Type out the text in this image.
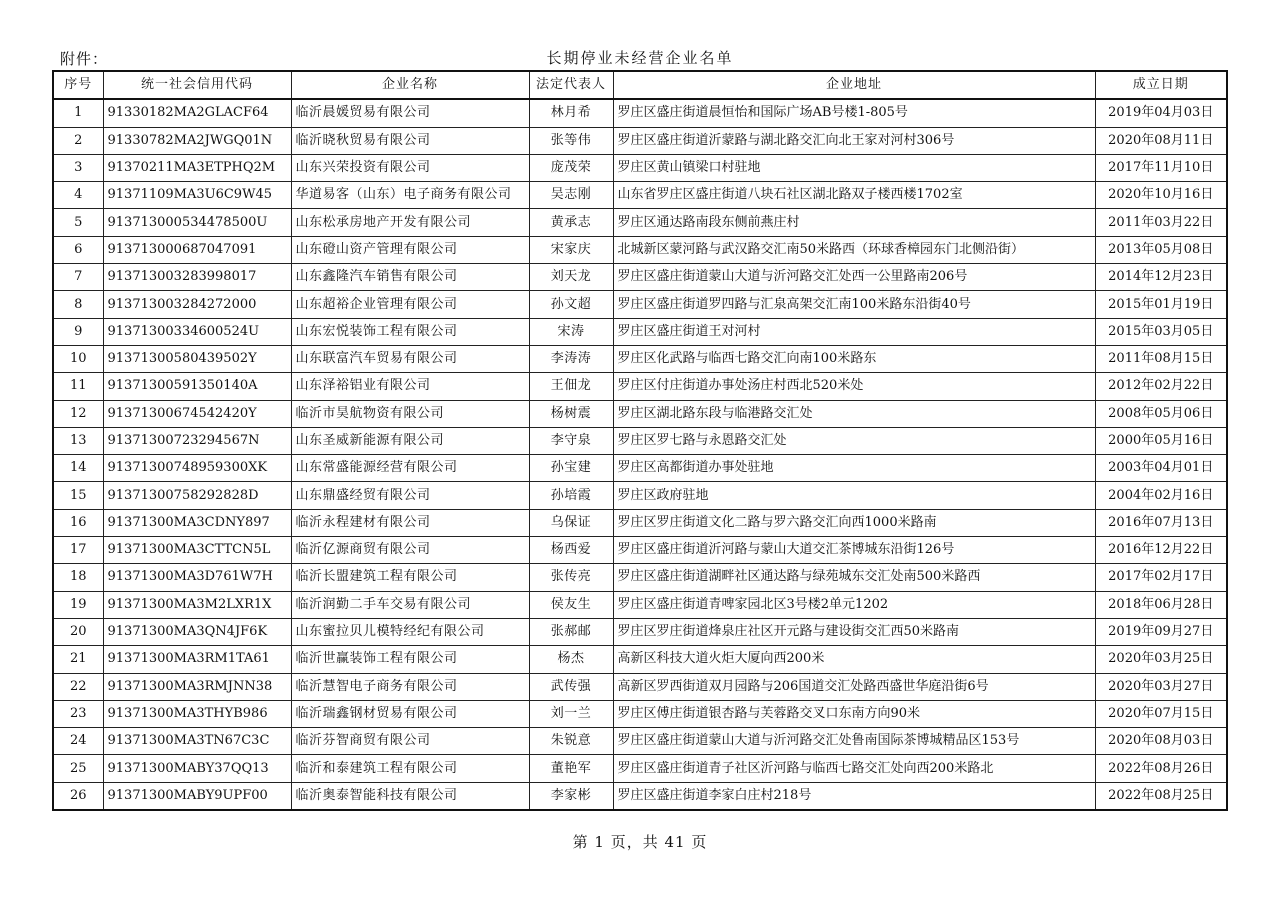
附件：	长期停业未经营企业名单
序号	统一社会信用代码	企业名称	法定代表人	企业地址	成立日期
1	91330182MA2GLACF64	临沂晨媛贸易有限公司	林月希	罗庄区盛庄街道晨恒怡和国际广场AB号楼1-805号	2019年04月03日
2	91330782MA2JWGQ01N	临沂晓秋贸易有限公司	张等伟	罗庄区盛庄街道沂蒙路与湖北路交汇向北王家对河村306号	2020年08月11日
3	91370211MA3ETPHQ2M	山东兴荣投资有限公司	庞茂荣	罗庄区黄山镇梁口村驻地	2017年11月10日
4	91371109MA3U6C9W45	华道易客（山东）电子商务有限公司	吴志刚	山东省罗庄区盛庄街道八块石社区湖北路双子楼西楼1702室	2020年10月16日
5	913713000534478500U	山东松承房地产开发有限公司	黄承志	罗庄区通达路南段东侧前燕庄村	2011年03月22日
6	913713000687047091	山东磴山资产管理有限公司	宋家庆	北城新区蒙河路与武汉路交汇南50米路西（环球香樟园东门北侧沿街）	2013年05月08日
7	913713003283998017	山东鑫隆汽车销售有限公司	刘天龙	罗庄区盛庄街道蒙山大道与沂河路交汇处西一公里路南206号	2014年12月23日
8	913713003284272000	山东超裕企业管理有限公司	孙文超	罗庄区盛庄街道罗四路与汇泉高架交汇南100米路东沿街40号	2015年01月19日
9	91371300334600524U	山东宏悦装饰工程有限公司	宋涛	罗庄区盛庄街道王对河村	2015年03月05日
10	91371300580439502Y	山东联富汽车贸易有限公司	李涛涛	罗庄区化武路与临西七路交汇向南100米路东	2011年08月15日
11	91371300591350140A	山东泽裕铝业有限公司	王佃龙	罗庄区付庄街道办事处汤庄村西北520米处	2012年02月22日
12	91371300674542420Y	临沂市昊航物资有限公司	杨树震	罗庄区湖北路东段与临港路交汇处	2008年05月06日
13	91371300723294567N	山东圣威新能源有限公司	李守泉	罗庄区罗七路与永恩路交汇处	2000年05月16日
14	91371300748959300XK	山东常盛能源经营有限公司	孙宝建	罗庄区高都街道办事处驻地	2003年04月01日
15	91371300758292828D	山东鼎盛经贸有限公司	孙培霞	罗庄区政府驻地	2004年02月16日
16	91371300MA3CDNY897	临沂永程建材有限公司	乌保证	罗庄区罗庄街道文化二路与罗六路交汇向西1000米路南	2016年07月13日
17	91371300MA3CTTCN5L	临沂亿源商贸有限公司	杨西爱	罗庄区盛庄街道沂河路与蒙山大道交汇茶博城东沿街126号	2016年12月22日
18	91371300MA3D761W7H	临沂长盟建筑工程有限公司	张传亮	罗庄区盛庄街道湖畔社区通达路与绿苑城东交汇处南500米路西	2017年02月17日
19	91371300MA3M2LXR1X	临沂润勤二手车交易有限公司	侯友生	罗庄区盛庄街道青啤家园北区3号楼2单元1202	2018年06月28日
20	91371300MA3QN4JF6K	山东蜜拉贝儿模特经纪有限公司	张郝邮	罗庄区罗庄街道烽泉庄社区开元路与建设街交汇西50米路南	2019年09月27日
21	91371300MA3RM1TA61	临沂世赢装饰工程有限公司	杨杰	高新区科技大道火炬大厦向西200米	2020年03月25日
22	91371300MA3RMJNN38	临沂慧智电子商务有限公司	武传强	高新区罗西街道双月园路与206国道交汇处路西盛世华庭沿街6号	2020年03月27日
23	91371300MA3THYB986	临沂瑞鑫钢材贸易有限公司	刘一兰	罗庄区傅庄街道银杏路与芙蓉路交叉口东南方向90米	2020年07月15日
24	91371300MA3TN67C3C	临沂芬智商贸有限公司	朱锐意	罗庄区盛庄街道蒙山大道与沂河路交汇处鲁南国际茶博城精品区153号	2020年08月03日
25	91371300MABY37QQ13	临沂和泰建筑工程有限公司	董艳军	罗庄区盛庄街道青子社区沂河路与临西七路交汇处向西200米路北	2022年08月26日
26	91371300MABY9UPF00	临沂奥泰智能科技有限公司	李家彬	罗庄区盛庄街道李家白庄村218号	2022年08月25日
第 1 页，共 41 页
